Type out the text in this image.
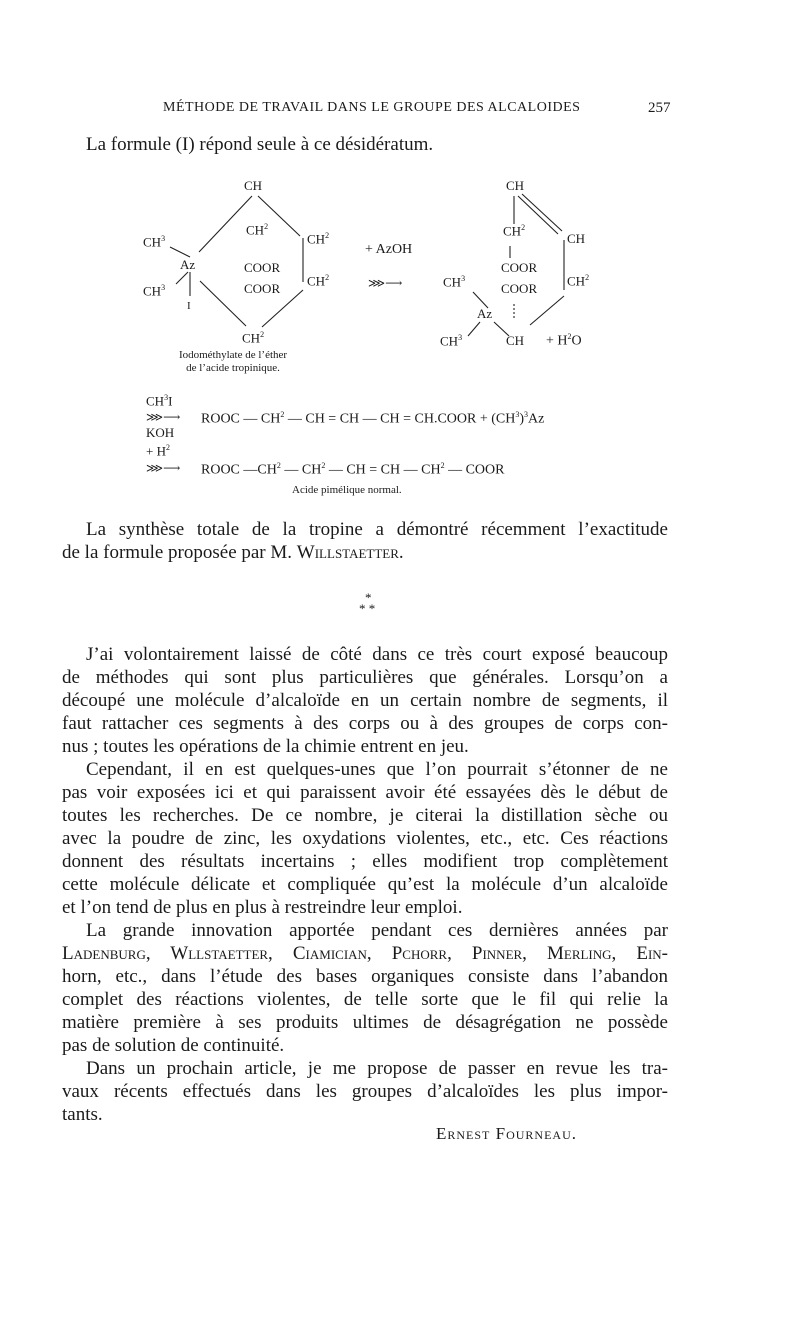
MÉTHODE DE TRAVAIL DANS LE GROUPE DES ALCALOIDES	257
La formule (I) répond seule à ce désidératum.
CH
$CH^3$
Az
$CH^3$
I
$CH^2$
COOR
COOR
$CH^2$
$CH^2$
$CH^2$
Iodométhylate de l’éther
de l’acide tropinique.
+ AzOH
⋙⟶
CH
$CH^2$
CH
COOR
COOR
$CH^2$
$CH^3$
Az
$CH^3$	CH + $H^2O$
$CH^3I$
⋙⟶
KOH
ROOC — $CH^2$ — CH = CH — CH = CH.COOR + $(CH^3)^3Az$
+ $H^2$
⋙⟶ ROOC $—CH^2$ — $CH^2$ — CH = CH — $CH^2$ — COOR
Acide pimélique normal.
La synthèse totale de la tropine a démontré récemment l’exactitude
de la formule proposée par M. Willstaetter.
*
* *
J’ai volontairement laissé de côté dans ce très court exposé beaucoup
de méthodes qui sont plus particulières que générales. Lorsqu’on a
découpé une molécule d’alcaloïde en un certain nombre de segments, il
faut rattacher ces segments à des corps ou à des groupes de corps con-
nus ; toutes les opérations de la chimie entrent en jeu.
Cependant, il en est quelques-unes que l’on pourrait s’étonner de ne
pas voir exposées ici et qui paraissent avoir été essayées dès le début de
toutes les recherches. De ce nombre, je citerai la distillation sèche ou
avec la poudre de zinc, les oxydations violentes, etc., etc. Ces réactions
donnent des résultats incertains ; elles modifient trop complètement
cette molécule délicate et compliquée qu’est la molécule d’un alcaloïde
et l’on tend de plus en plus à restreindre leur emploi.
La grande innovation apportée pendant ces dernières années par
Ladenburg, Wllstaetter, Ciamician, Pchorr, Pinner, Merling, Ein-
horn, etc., dans l’étude des bases organiques consiste dans l’abandon
complet des réactions violentes, de telle sorte que le fil qui relie la
matière première à ses produits ultimes de désagrégation ne possède
pas de solution de continuité.
Dans un prochain article, je me propose de passer en revue les tra-
vaux récents effectués dans les groupes d’alcaloïdes les plus impor-
tants.
Ernest Fourneau.
